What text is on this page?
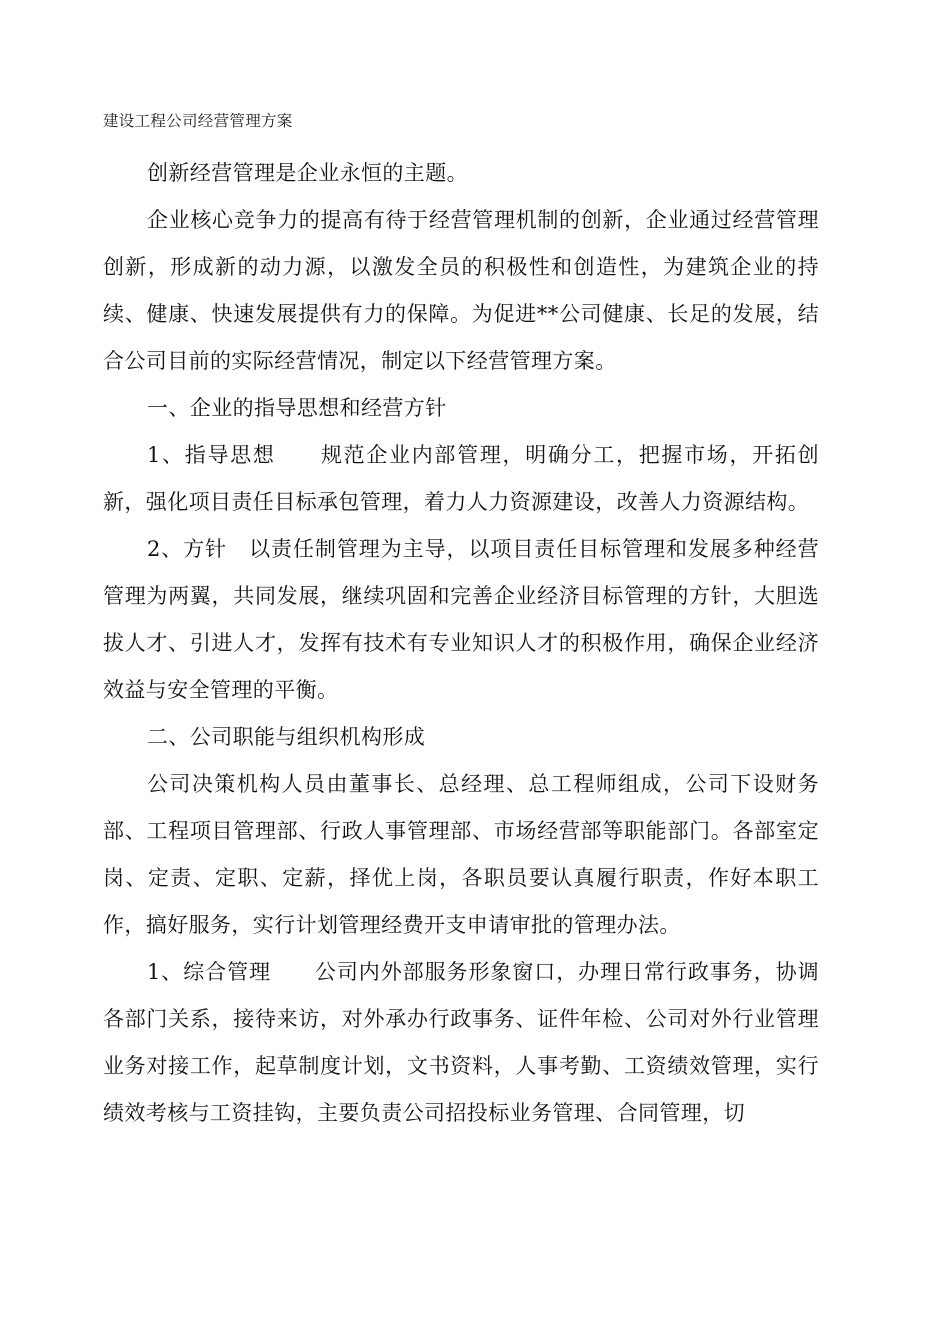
建设工程公司经营管理方案

创新经营管理是企业永恒的主题。

企业核心竞争力的提高有待于经营管理机制的创新，企业通过经营管理创新，形成新的动力源，以激发全员的积极性和创造性，为建筑企业的持续、健康、快速发展提供有力的保障。为促进**公司健康、长足的发展，结合公司目前的实际经营情况，制定以下经营管理方案。

一、企业的指导思想和经营方针

1、指导思想　　规范企业内部管理，明确分工，把握市场，开拓创新，强化项目责任目标承包管理，着力人力资源建设，改善人力资源结构。

2、方针　以责任制管理为主导，以项目责任目标管理和发展多种经营管理为两翼，共同发展，继续巩固和完善企业经济目标管理的方针，大胆选拔人才、引进人才，发挥有技术有专业知识人才的积极作用，确保企业经济效益与安全管理的平衡。

二、公司职能与组织机构形成

公司决策机构人员由董事长、总经理、总工程师组成，公司下设财务部、工程项目管理部、行政人事管理部、市场经营部等职能部门。各部室定岗、定责、定职、定薪，择优上岗，各职员要认真履行职责，作好本职工作，搞好服务，实行计划管理经费开支申请审批的管理办法。

1、综合管理　　公司内外部服务形象窗口，办理日常行政事务，协调各部门关系，接待来访，对外承办行政事务、证件年检、公司对外行业管理业务对接工作，起草制度计划，文书资料，人事考勤、工资绩效管理，实行绩效考核与工资挂钩，主要负责公司招投标业务管理、合同管理，切
